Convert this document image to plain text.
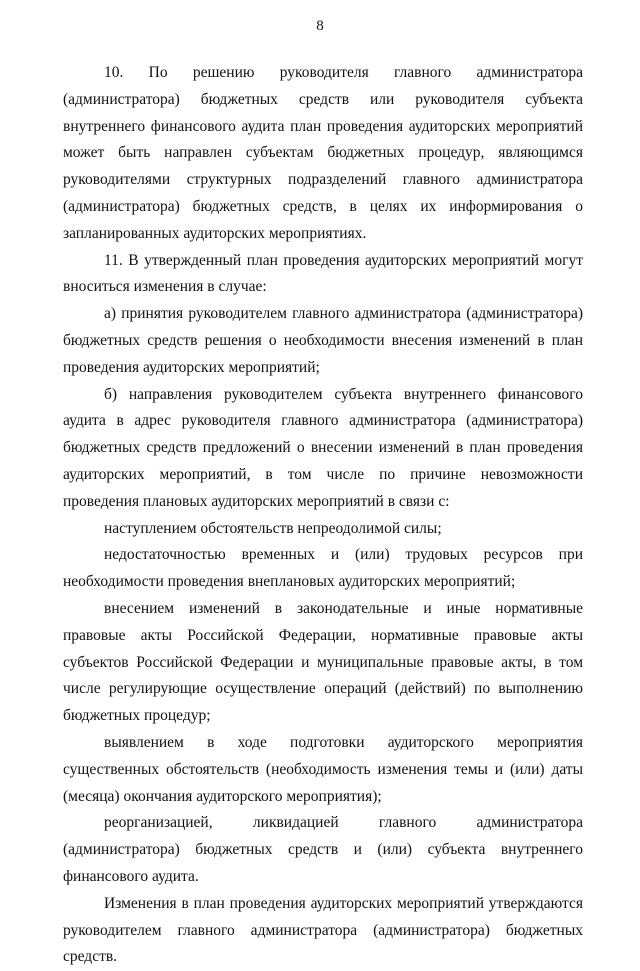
8

10. По решению руководителя главного администратора (администратора) бюджетных средств или руководителя субъекта внутреннего финансового аудита план проведения аудиторских мероприятий может быть направлен субъектам бюджетных процедур, являющимся руководителями структурных подразделений главного администратора (администратора) бюджетных средств, в целях их информирования о запланированных аудиторских мероприятиях.

11. В утвержденный план проведения аудиторских мероприятий могут вноситься изменения в случае:

а) принятия руководителем главного администратора (администратора) бюджетных средств решения о необходимости внесения изменений в план проведения аудиторских мероприятий;

б) направления руководителем субъекта внутреннего финансового аудита в адрес руководителя главного администратора (администратора) бюджетных средств предложений о внесении изменений в план проведения аудиторских мероприятий, в том числе по причине невозможности проведения плановых аудиторских мероприятий в связи с:

наступлением обстоятельств непреодолимой силы;

недостаточностью временных и (или) трудовых ресурсов при необходимости проведения внеплановых аудиторских мероприятий;

внесением изменений в законодательные и иные нормативные правовые акты Российской Федерации, нормативные правовые акты субъектов Российской Федерации и муниципальные правовые акты, в том числе регулирующие осуществление операций (действий) по выполнению бюджетных процедур;

выявлением в ходе подготовки аудиторского мероприятия существенных обстоятельств (необходимость изменения темы и (или) даты (месяца) окончания аудиторского мероприятия);

реорганизацией, ликвидацией главного администратора (администратора) бюджетных средств и (или) субъекта внутреннего финансового аудита.

Изменения в план проведения аудиторских мероприятий утверждаются руководителем главного администратора (администратора) бюджетных средств.
